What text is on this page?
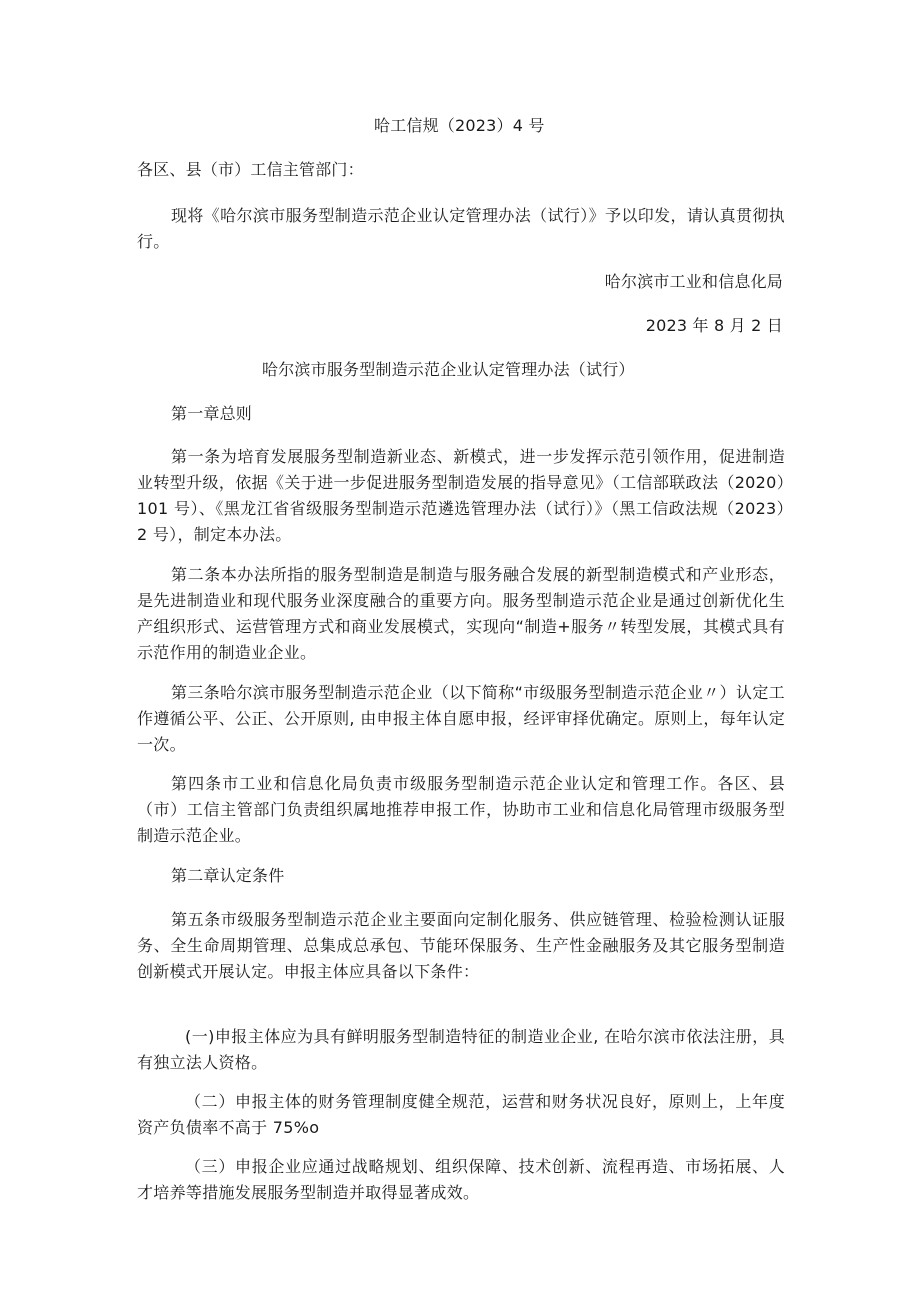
哈工信规（2023）4 号
各区、县（市）工信主管部门：
现将《哈尔滨市服务型制造示范企业认定管理办法（试行）》予以印发，请认真贯彻执行。
哈尔滨市工业和信息化局
2023 年 8 月 2 日
哈尔滨市服务型制造示范企业认定管理办法（试行）
第一章总则
第一条为培育发展服务型制造新业态、新模式，进一步发挥示范引领作用，促进制造业转型升级，依据《关于进一步促进服务型制造发展的指导意见》（工信部联政法（2020）101 号）、《黑龙江省省级服务型制造示范遴选管理办法（试行）》（黑工信政法规（2023）2 号），制定本办法。
第二条本办法所指的服务型制造是制造与服务融合发展的新型制造模式和产业形态，是先进制造业和现代服务业深度融合的重要方向。服务型制造示范企业是通过创新优化生产组织形式、运营管理方式和商业发展模式，实现向“制造+服务〃转型发展，其模式具有示范作用的制造业企业。
第三条哈尔滨市服务型制造示范企业（以下简称“市级服务型制造示范企业〃）认定工作遵循公平、公正、公开原则, 由申报主体自愿申报，经评审择优确定。原则上，每年认定一次。
第四条市工业和信息化局负责市级服务型制造示范企业认定和管理工作。各区、县（市）工信主管部门负责组织属地推荐申报工作，协助市工业和信息化局管理市级服务型制造示范企业。
第二章认定条件
第五条市级服务型制造示范企业主要面向定制化服务、供应链管理、检验检测认证服务、全生命周期管理、总集成总承包、节能环保服务、生产性金融服务及其它服务型制造创新模式开展认定。申报主体应具备以下条件：
(一)申报主体应为具有鲜明服务型制造特征的制造业企业, 在哈尔滨市依法注册，具有独立法人资格。
（二）申报主体的财务管理制度健全规范，运营和财务状况良好，原则上，上年度资产负债率不高于 75%o
（三）申报企业应通过战略规划、组织保障、技术创新、流程再造、市场拓展、人才培养等措施发展服务型制造并取得显著成效。
